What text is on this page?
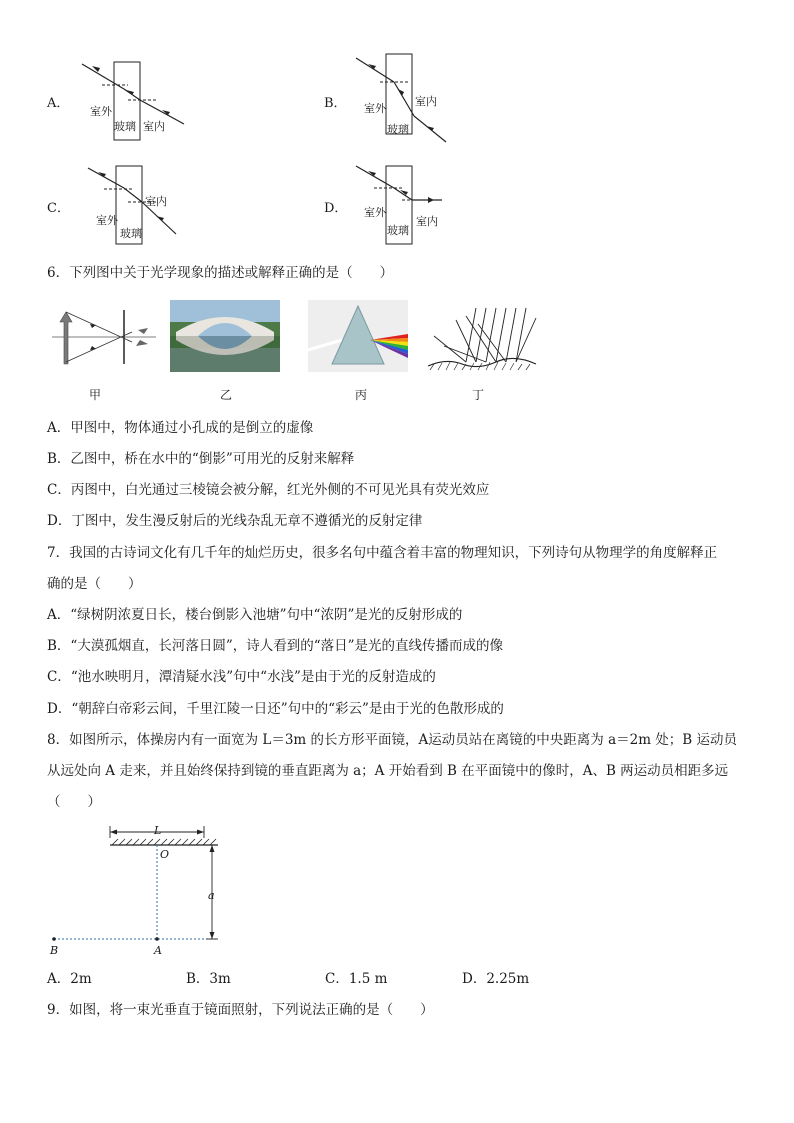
A．
室外
玻璃 室内
B． 室外
玻璃
室内
C．
室外
玻璃
室内	D． 室外
玻璃
室内
6．下列图中关于光学现象的描述或解释正确的是（　　）
甲	乙	丙	丁
A．甲图中，物体通过小孔成的是倒立的虚像
B．乙图中，桥在水中的“倒影”可用光的反射来解释
C．丙图中，白光通过三棱镜会被分解，红光外侧的不可见光具有荧光效应
D．丁图中，发生漫反射后的光线杂乱无章不遵循光的反射定律
7．我国的古诗词文化有几千年的灿烂历史，很多名句中蕴含着丰富的物理知识，下列诗句从物理学的角度解释正
确的是（　　）
A．“绿树阴浓夏日长，楼台倒影入池塘”句中“浓阴”是光的反射形成的
B．“大漠孤烟直，长河落日圆”，诗人看到的“落日”是光的直线传播而成的像
C．“池水映明月，潭清疑水浅”句中“水浅”是由于光的反射造成的
D．“朝辞白帝彩云间，千里江陵一日还”句中的“彩云”是由于光的色散形成的
8．如图所示，体操房内有一面宽为 L＝3m 的长方形平面镜，A运动员站在离镜的中央距离为 a＝2m 处；B 运动员
从远处向 A 走来，并且始终保持到镜的垂直距离为 a；A 开始看到 B 在平面镜中的像时，A、B 两运动员相距多远
（　　）
L
O
a
B	A
A．2m	B．3m	C．1.5 m	D．2.25m
9．如图，将一束光垂直于镜面照射，下列说法正确的是（　　）
